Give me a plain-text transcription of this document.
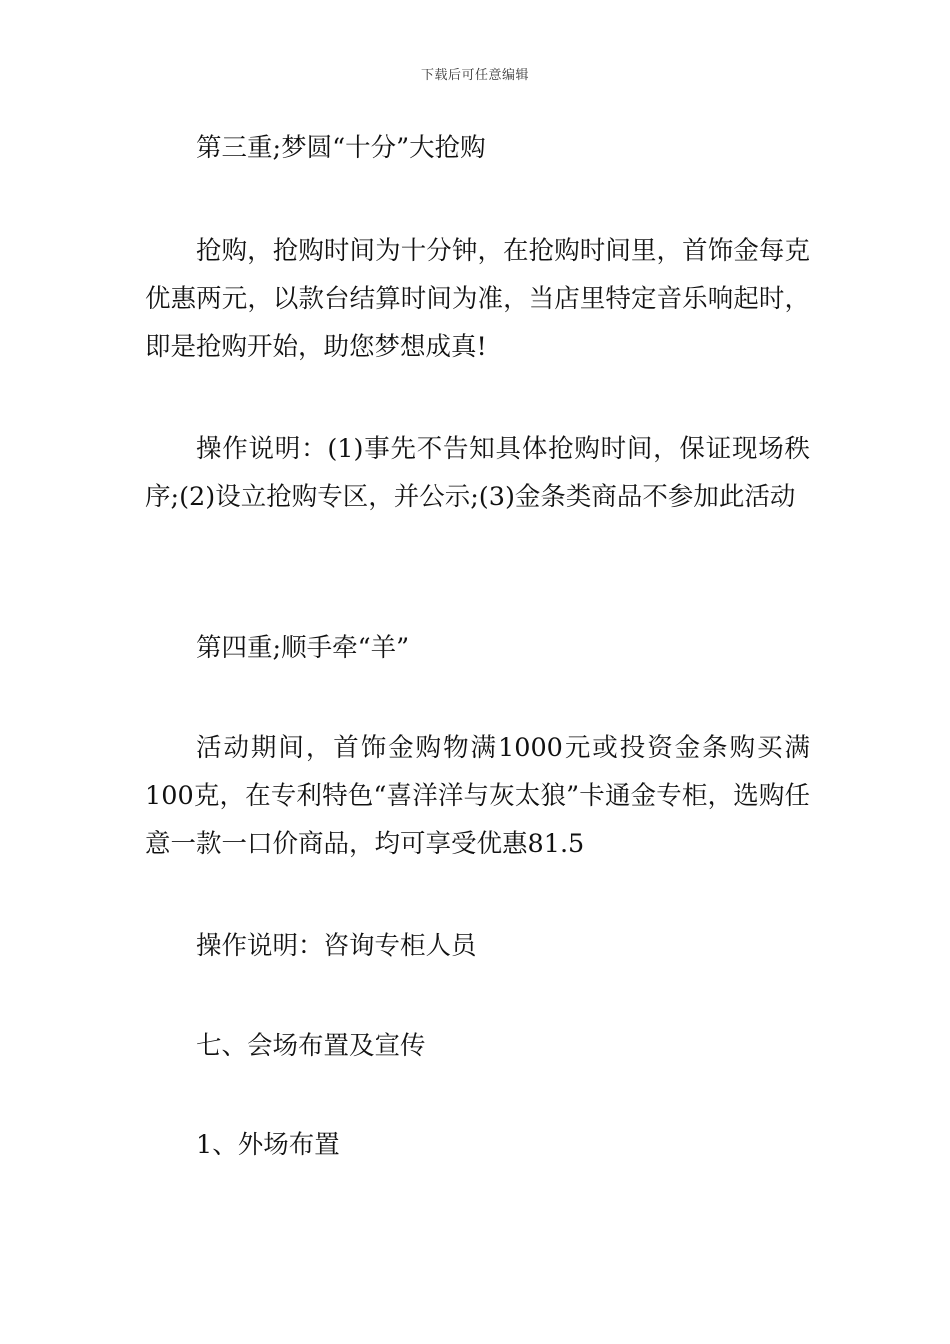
下载后可任意编辑

第三重;梦圆“十分”大抢购

抢购，抢购时间为十分钟，在抢购时间里，首饰金每克优惠两元，以款台结算时间为准，当店里特定音乐响起时，即是抢购开始，助您梦想成真!

操作说明：(1)事先不告知具体抢购时间，保证现场秩序;(2)设立抢购专区，并公示;(3)金条类商品不参加此活动

第四重;顺手牵“羊”

活动期间，首饰金购物满1000元或投资金条购买满100克，在专利特色“喜洋洋与灰太狼”卡通金专柜，选购任意一款一口价商品，均可享受优惠81.5

操作说明：咨询专柜人员

七、会场布置及宣传

1、外场布置
